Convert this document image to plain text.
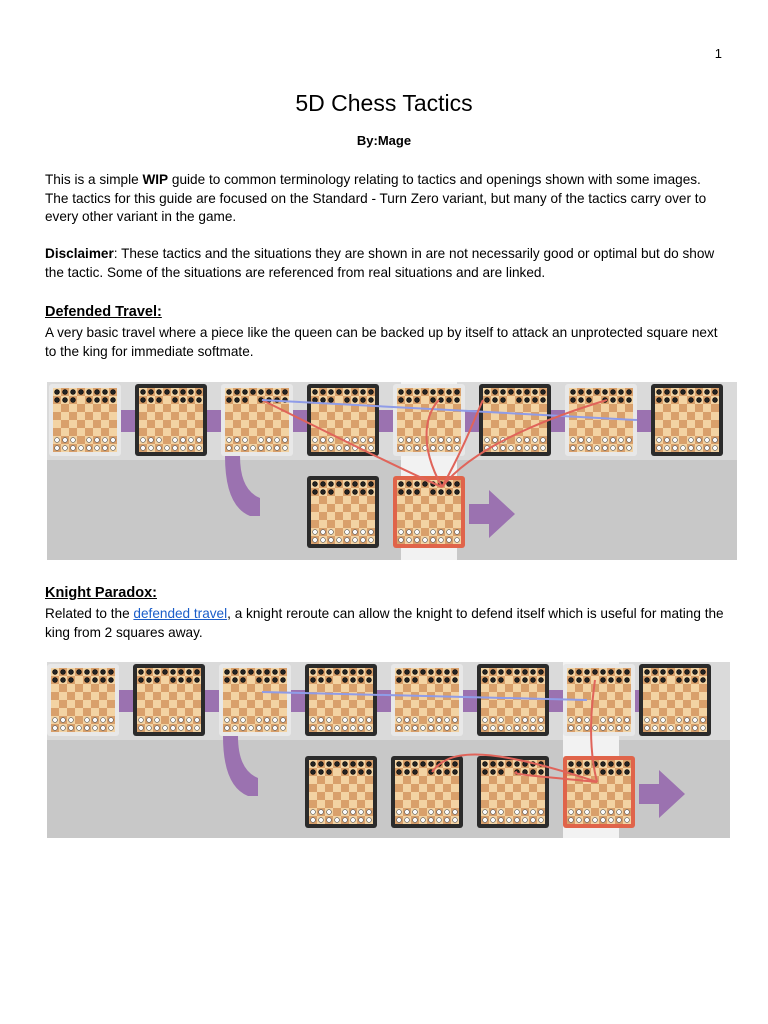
1
5D Chess Tactics
By:Mage

This is a simple WIP guide to common terminology relating to tactics and openings shown with some images. The tactics for this guide are focused on the Standard - Turn Zero variant, but many of the tactics carry over to every other variant in the game.

Disclaimer: These tactics and the situations they are shown in are not necessarily good or optimal but do show the tactic. Some of the situations are referenced from real situations and are linked.

Defended Travel:

A very basic travel where a piece like the queen can be backed up by itself to attack an unprotected square next to the king for immediate softmate.

Knight Paradox:

Related to the defended travel, a knight reroute can allow the knight to defend itself which is useful for mating the king from 2 squares away.
